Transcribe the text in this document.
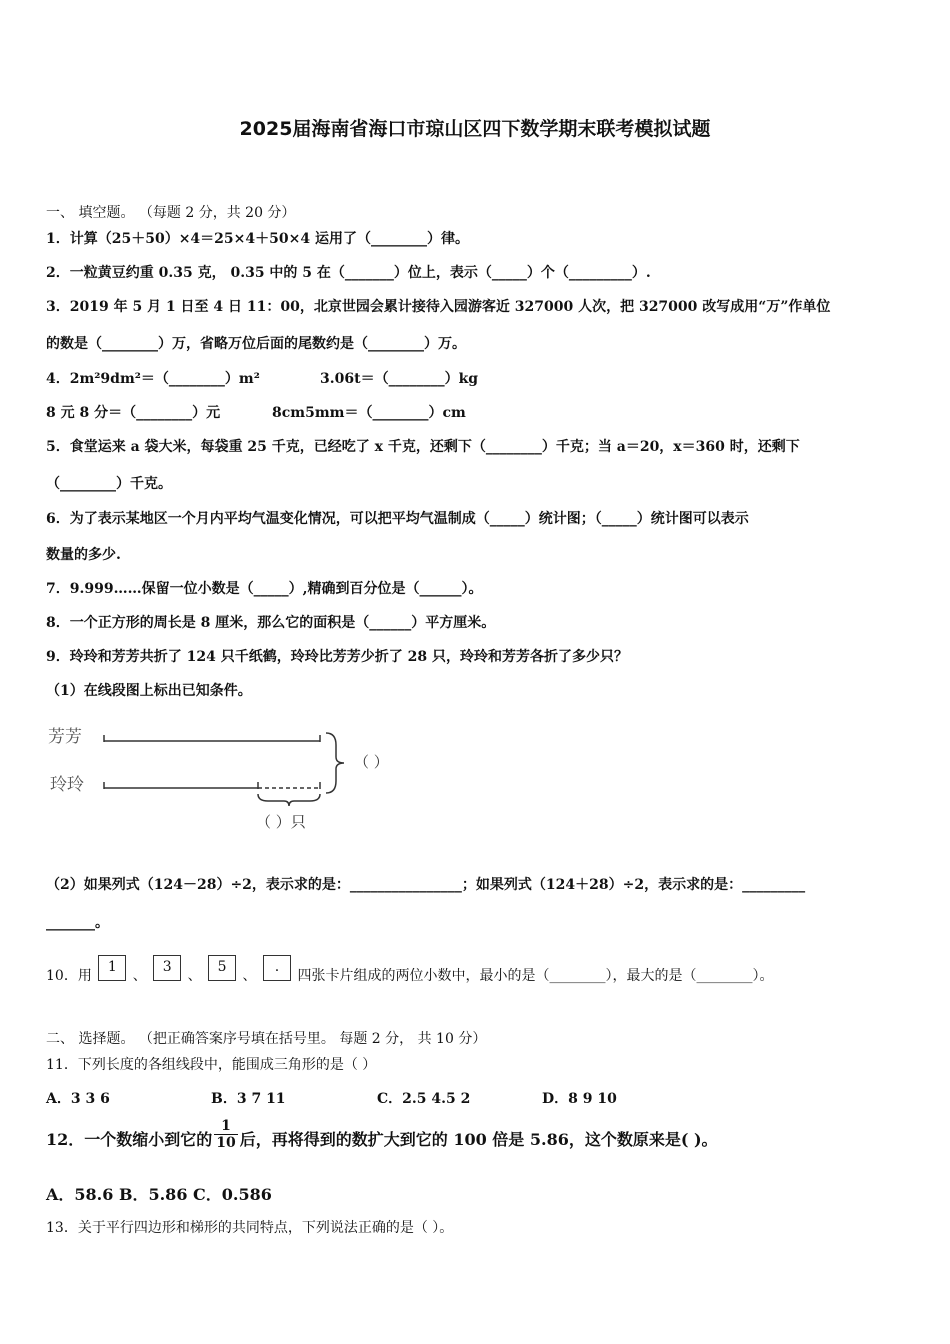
2025届海南省海口市琼山区四下数学期末联考模拟试题
一、 填空题。 （每题 2 分，共 20 分）
1．计算（25＋50）×4＝25×4＋50×4 运用了（________）律。
2．一粒黄豆约重 0.35 克， 0.35 中的 5 在（_______）位上，表示（_____）个（_________）.
3．2019 年 5 月 1 日至 4 日 11：00，北京世园会累计接待入园游客近 327000 人次，把 327000 改写成用“万”作单位
的数是（________）万，省略万位后面的尾数约是（________）万。
4．2m²9dm²＝（________）m²	3.06t＝（________）kg
8 元 8 分＝（________）元	8cm5mm＝（________）cm
5．食堂运来 a 袋大米，每袋重 25 千克，已经吃了 x 千克，还剩下（________）千克；当 a＝20，x＝360 时，还剩下
（________）千克。
6．为了表示某地区一个月内平均气温变化情况，可以把平均气温制成（_____）统计图；（_____）统计图可以表示
数量的多少.
7．9.999……保留一位小数是（_____）,精确到百分位是（______）。
8．一个正方形的周长是 8 厘米，那么它的面积是（______）平方厘米。
9．玲玲和芳芳共折了 124 只千纸鹤，玲玲比芳芳少折了 28 只，玲玲和芳芳各折了多少只？
（1）在线段图上标出已知条件。
芳芳
玲玲
（ ）
（ ）只
（2）如果列式（124－28）÷2，表示求的是：________________；如果列式（124＋28）÷2，表示求的是：_________
_______。
10．用 1 、 3 、 5 、 . 四张卡片组成的两位小数中，最小的是（________），最大的是（________）。
二、 选择题。 （把正确答案序号填在括号里。 每题 2 分， 共 10 分）
11．下列长度的各组线段中，能围成三角形的是（ ）
A．3 3 6	B．3 7 11	C．2.5 4.5 2	D．8 9 10
12．一个数缩小到它的 $\frac{1}{10}$ 后，再将得到的数扩大到它的 100 倍是 5.86，这个数原来是( )。
A．58.6 B．5.86 C．0.586
13．关于平行四边形和梯形的共同特点，下列说法正确的是（ ）。
